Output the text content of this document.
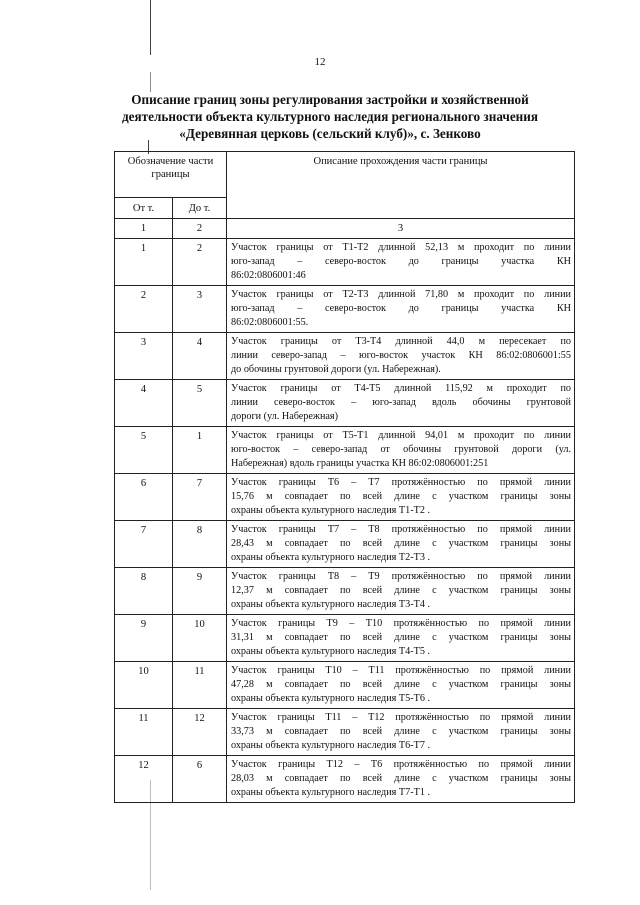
12
Описание границ зоны регулирования застройки и хозяйственной
деятельности объекта культурного наследия регионального значения
«Деревянная церковь (сельский клуб)», с. Зенково
Обозначение части границы		Описание прохождения части границы
От т.	До т.	
1	2	3
1	2	Участок границы от Т1-Т2 длинной 52,13 м проходит по линии
юго-запад – северо-восток до границы участка КН
86:02:0806001:46

2	3	Участок границы от Т2-Т3 длинной 71,80 м проходит по линии
юго-запад – северо-восток до границы участка КН
86:02:0806001:55.

3	4	Участок границы от Т3-Т4 длинной 44,0 м пересекает по
линии северо-запад – юго-восток участок КН 86:02:0806001:55
до обочины грунтовой дороги (ул. Набережная).

4	5	Участок границы от Т4-Т5 длинной 115,92 м проходит по
линии северо-восток – юго-запад вдоль обочины грунтовой
дороги (ул. Набережная)

5	1	Участок границы от Т5-Т1 длинной 94,01 м проходит по линии
юго-восток – северо-запад от обочины грунтовой дороги (ул.
Набережная) вдоль границы участка КН 86:02:0806001:251

6	7	Участок границы Т6 – Т7 протяжённостью по прямой линии
15,76 м совпадает по всей длине с участком границы зоны
охраны объекта культурного наследия Т1-Т2 .

7	8	Участок границы Т7 – Т8 протяжённостью по прямой линии
28,43 м совпадает по всей длине с участком границы зоны
охраны объекта культурного наследия Т2-Т3 .

8	9	Участок границы Т8 – Т9 протяжённостью по прямой линии
12,37 м совпадает по всей длине с участком границы зоны
охраны объекта культурного наследия Т3-Т4 .

9	10	Участок границы Т9 – Т10 протяжённостью по прямой линии
31,31 м совпадает по всей длине с участком границы зоны
охраны объекта культурного наследия Т4-Т5 .

10	11	Участок границы Т10 – Т11 протяжённостью по прямой линии
47,28 м совпадает по всей длине с участком границы зоны
охраны объекта культурного наследия Т5-Т6 .

11	12	Участок границы Т11 – Т12 протяжённостью по прямой линии
33,73 м совпадает по всей длине с участком границы зоны
охраны объекта культурного наследия Т6-Т7 .

12	6	Участок границы Т12 – Т6 протяжённостью по прямой линии
28,03 м совпадает по всей длине с участком границы зоны
охраны объекта культурного наследия Т7-Т1 .
